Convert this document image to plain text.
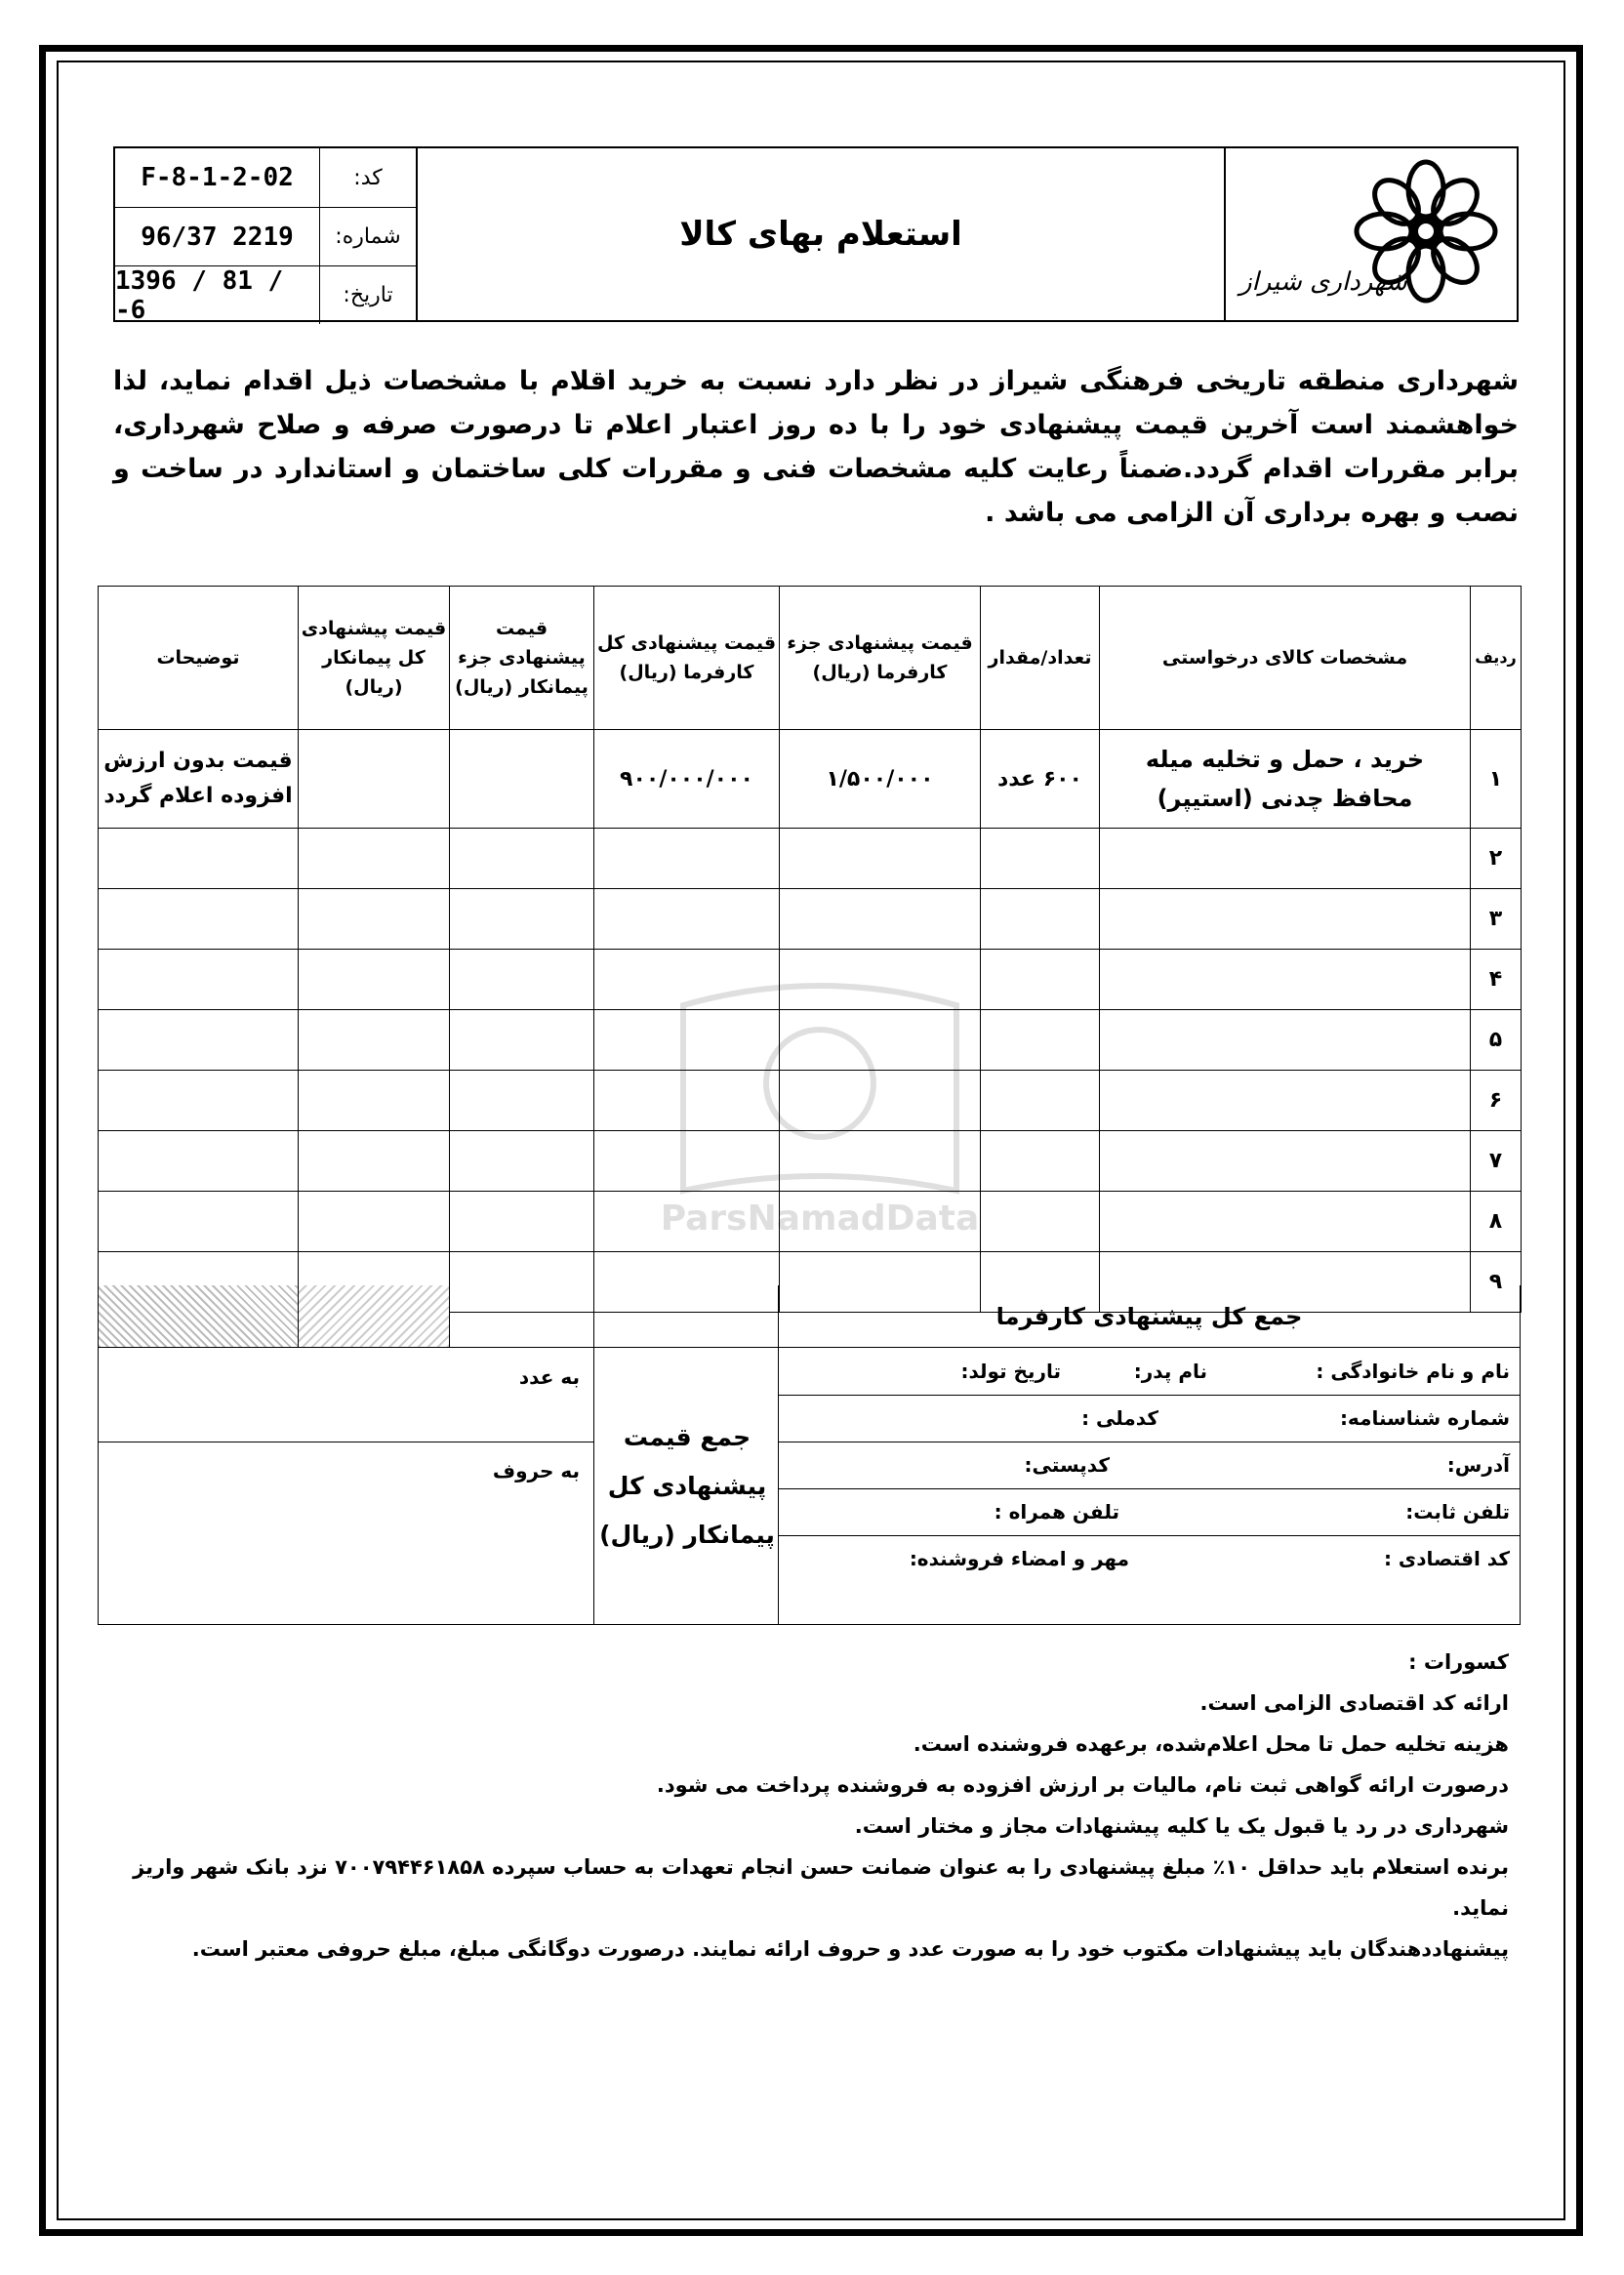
F-8-1-2-02	کد:
96/37 2219	شماره:
1396 / 81 / -6	تاریخ:
استعلام بهای کالا
شهرداری شیراز
شهرداری منطقه تاریخی فرهنگی شیراز در نظر دارد نسبت به خرید اقلام با مشخصات ذیل اقدام نماید، لذا خواهشمند است آخرین قیمت پیشنهادی خود را با ده روز اعتبار اعلام تا درصورت صرفه و صلاح شهرداری، برابر مقررات اقدام گردد.ضمناً رعایت کلیه مشخصات فنی و مقررات کلی ساختمان و استاندارد در ساخت و نصب و بهره برداری آن الزامی می باشد .
ParsNamadData
ردیف	مشخصات کالای درخواستی	تعداد/مقدار	قیمت پیشنهادی جزء کارفرما (ریال)	قیمت پیشنهادی کل کارفرما (ریال)	قیمت پیشنهادی جزء پیمانکار (ریال)	قیمت پیشنهادی کل پیمانکار (ریال)	توضیحات
۱	خرید ، حمل و تخلیه میله محافظ چدنی (استیپر)	۶۰۰ عدد	۱/۵۰۰/۰۰۰	۹۰۰/۰۰۰/۰۰۰			قیمت بدون ارزش افزوده اعلام گردد
۲							
۳							
۴							
۵							
۶							
۷							
۸							
۹							
جمع کل پیشنهادی کارفرما
نام و نام خانوادگی :
نام پدر:
تاریخ تولد:
شماره شناسنامه:
کدملی :
آدرس:
کدپستی:
تلفن ثابت:
تلفن همراه :
کد اقتصادی :
مهر و امضاء فروشنده:
جمع قیمت پیشنهادی کل پیمانکار (ریال)
به عدد
به حروف

کسورات :

ارائه کد اقتصادی الزامی است.

هزینه تخلیه حمل تا محل اعلام‌شده، برعهده فروشنده است.

درصورت ارائه گواهی ثبت نام، مالیات بر ارزش افزوده به فروشنده پرداخت می شود.

شهرداری در رد یا قبول یک یا کلیه پیشنهادات مجاز و مختار است.

برنده استعلام باید حداقل ۱۰٪ مبلغ پیشنهادی را به عنوان ضمانت حسن انجام تعهدات به حساب سپرده ۷۰۰۷۹۴۴۶۱۸۵۸ نزد بانک شهر واریز نماید.

پیشنهاددهندگان باید پیشنهادات مکتوب خود را به صورت عدد و حروف ارائه نمایند. درصورت دوگانگی مبلغ، مبلغ حروفی معتبر است.
